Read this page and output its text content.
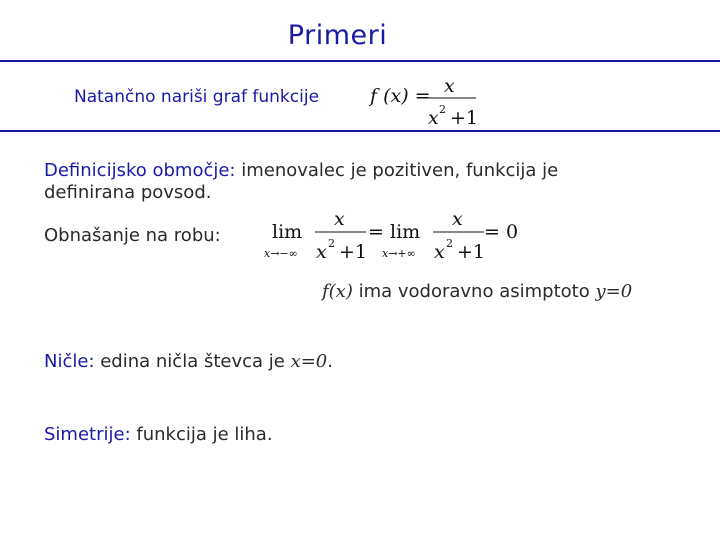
Primeri
Natančno nariši graf funkcije	f (x) = x
x 2 +1
Definicijsko območje: imenovalec je pozitiven, funkcija je
definirana povsod.
Obnašanje na robu:	lim
x→−∞
x
x 2 +1
= lim
x→+∞
x
x 2 +1
= 0
f(x) ima vodoravno asimptoto y=0
Ničle: edina ničla števca je x=0.
Simetrije: funkcija je liha.
